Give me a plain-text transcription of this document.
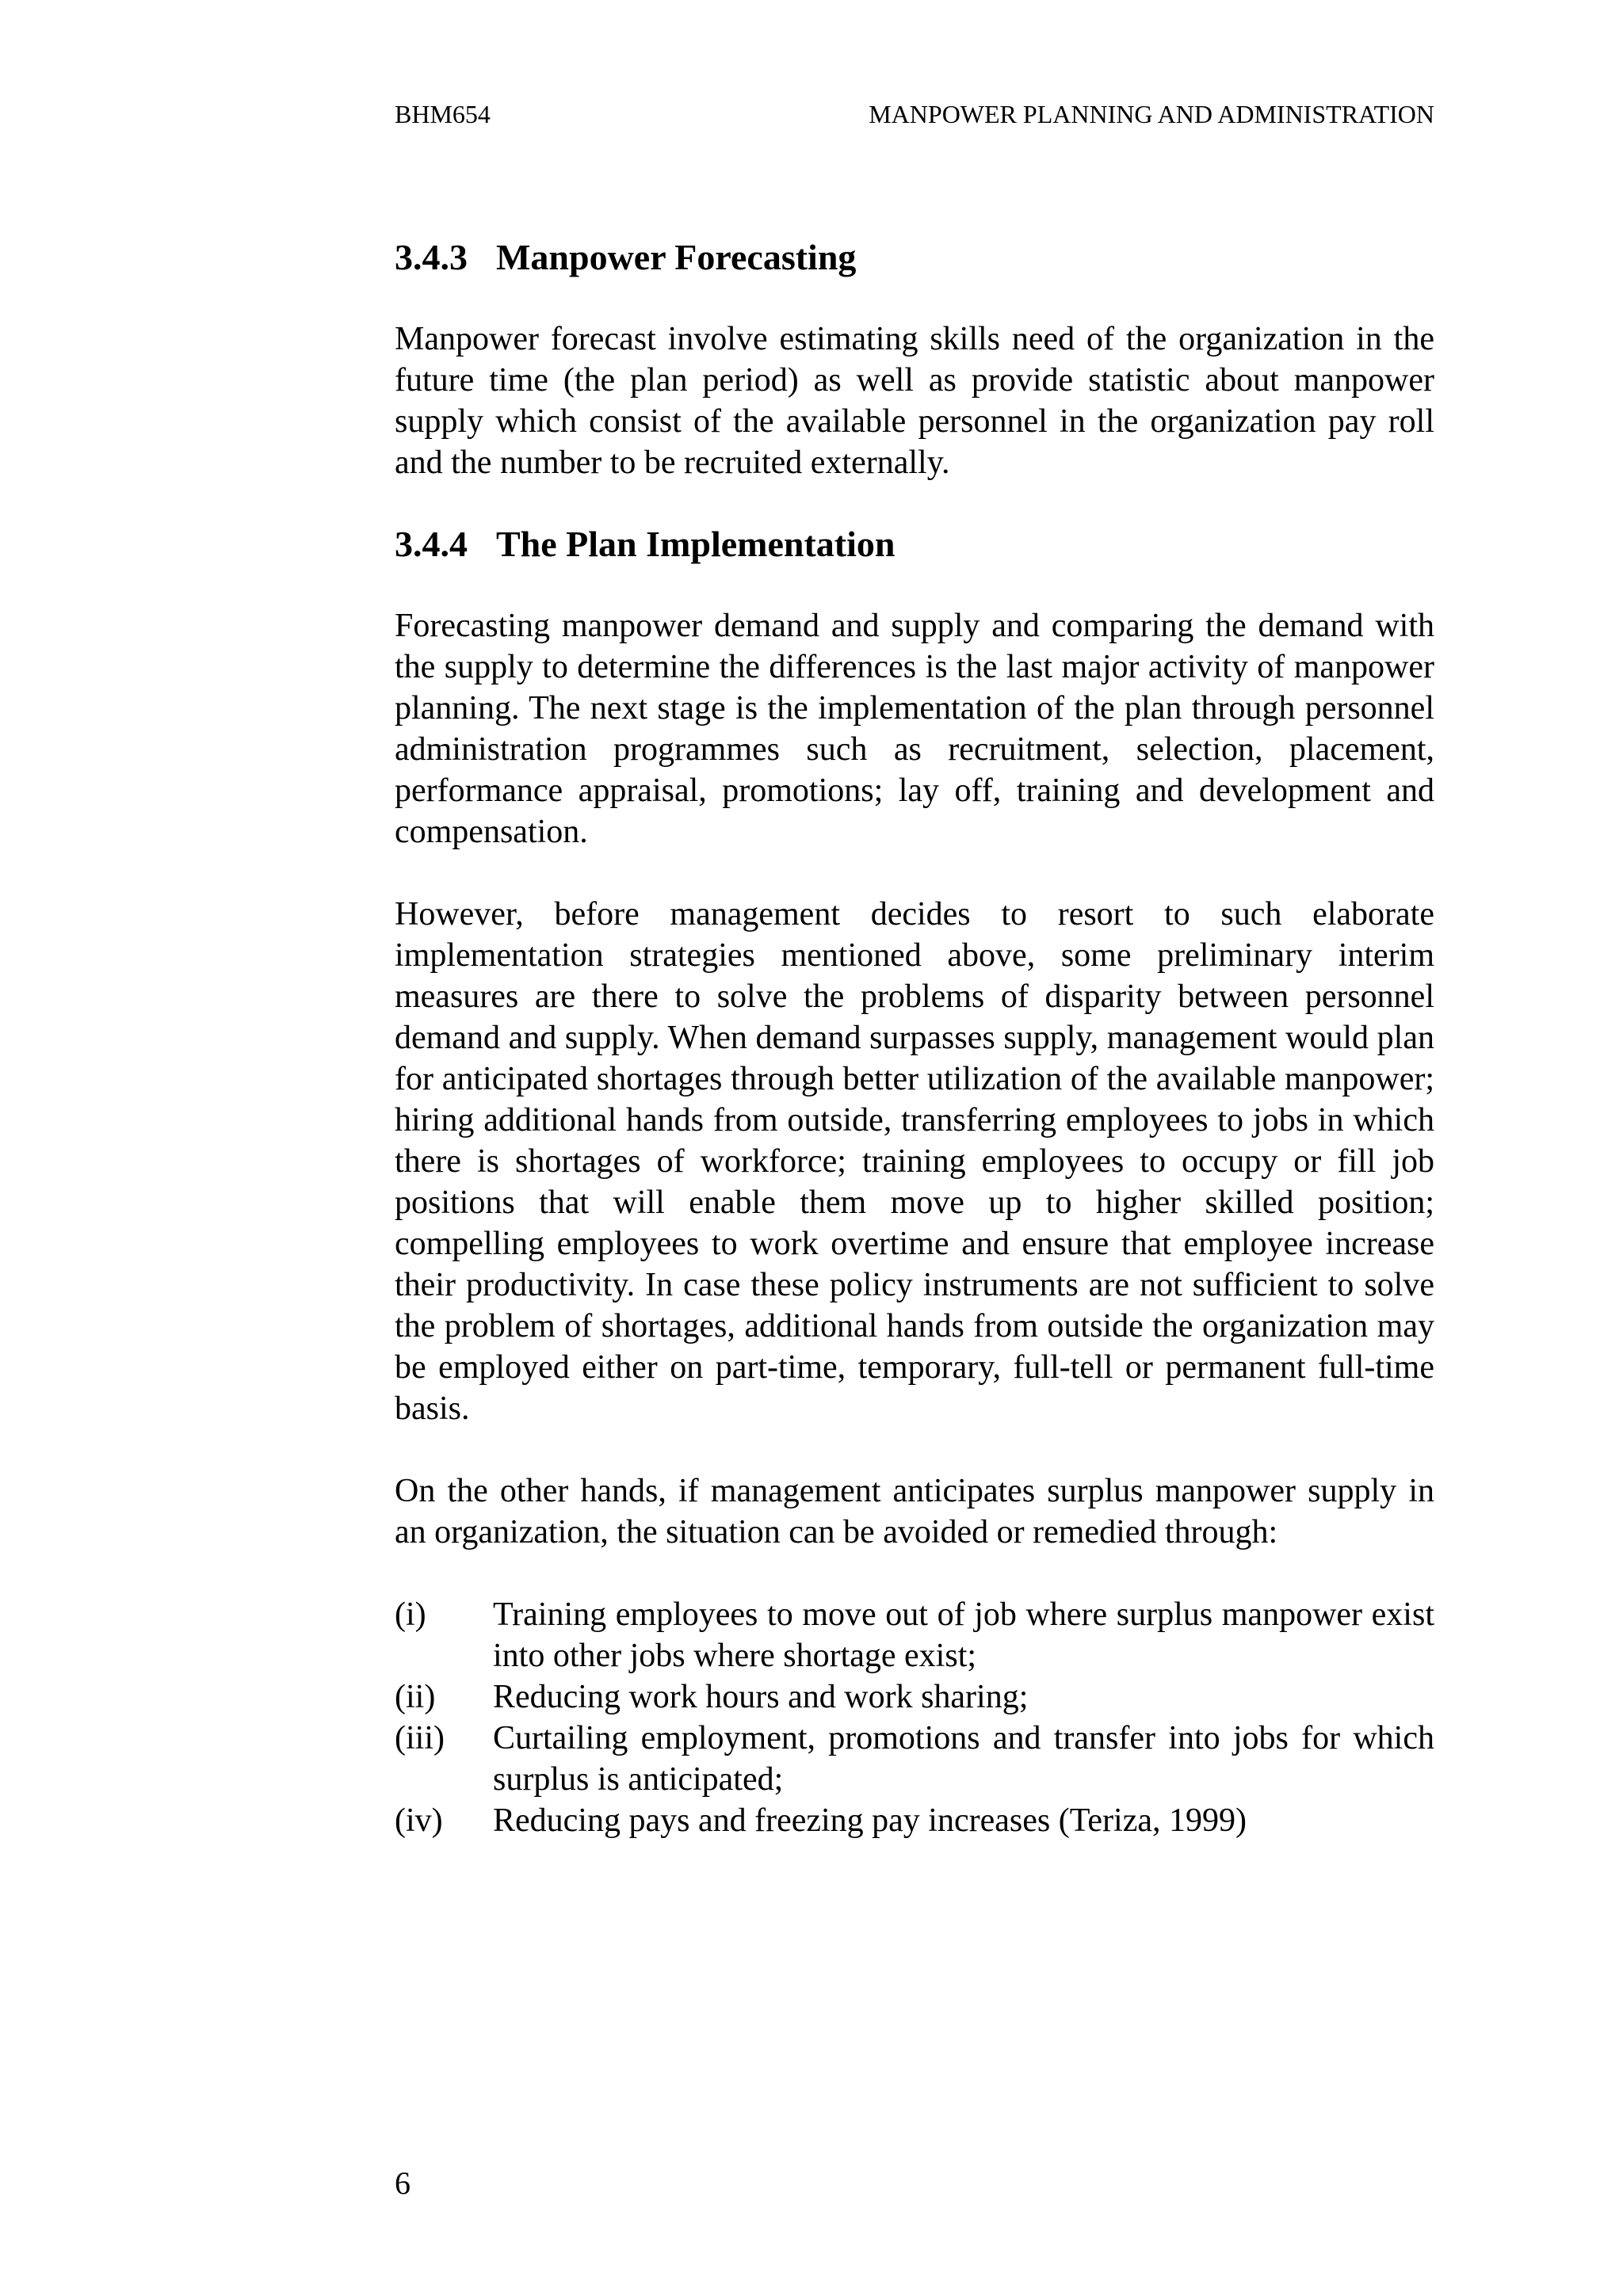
BHM654	MANPOWER PLANNING AND ADMINISTRATION
3.4.3 Manpower Forecasting

Manpower forecast involve estimating skills need of the organization in the future time (the plan period) as well as provide statistic about manpower supply which consist of the available personnel in the organization pay roll and the number to be recruited externally.

3.4.4 The Plan Implementation

Forecasting manpower demand and supply and comparing the demand with the supply to determine the differences is the last major activity of manpower planning. The next stage is the implementation of the plan through personnel administration programmes such as recruitment, selection, placement, performance appraisal, promotions; lay off, training and development and compensation.

However, before management decides to resort to such elaborate implementation strategies mentioned above, some preliminary interim measures are there to solve the problems of disparity between personnel demand and supply. When demand surpasses supply, management would plan for anticipated shortages through better utilization of the available manpower; hiring additional hands from outside, transferring employees to jobs in which there is shortages of workforce; training employees to occupy or fill job positions that will enable them move up to higher skilled position; compelling employees to work overtime and ensure that employee increase their productivity. In case these policy instruments are not sufficient to solve the problem of shortages, additional hands from outside the organization may be employed either on part-time, temporary, full-tell or permanent full-time basis.

On the other hands, if management anticipates surplus manpower supply in an organization, the situation can be avoided or remedied through:

(i)	Training employees to move out of job where surplus manpower exist into other jobs where shortage exist;
(ii)	Reducing work hours and work sharing;
(iii)	Curtailing employment, promotions and transfer into jobs for which surplus is anticipated;
(iv)	Reducing pays and freezing pay increases (Teriza, 1999)
6
